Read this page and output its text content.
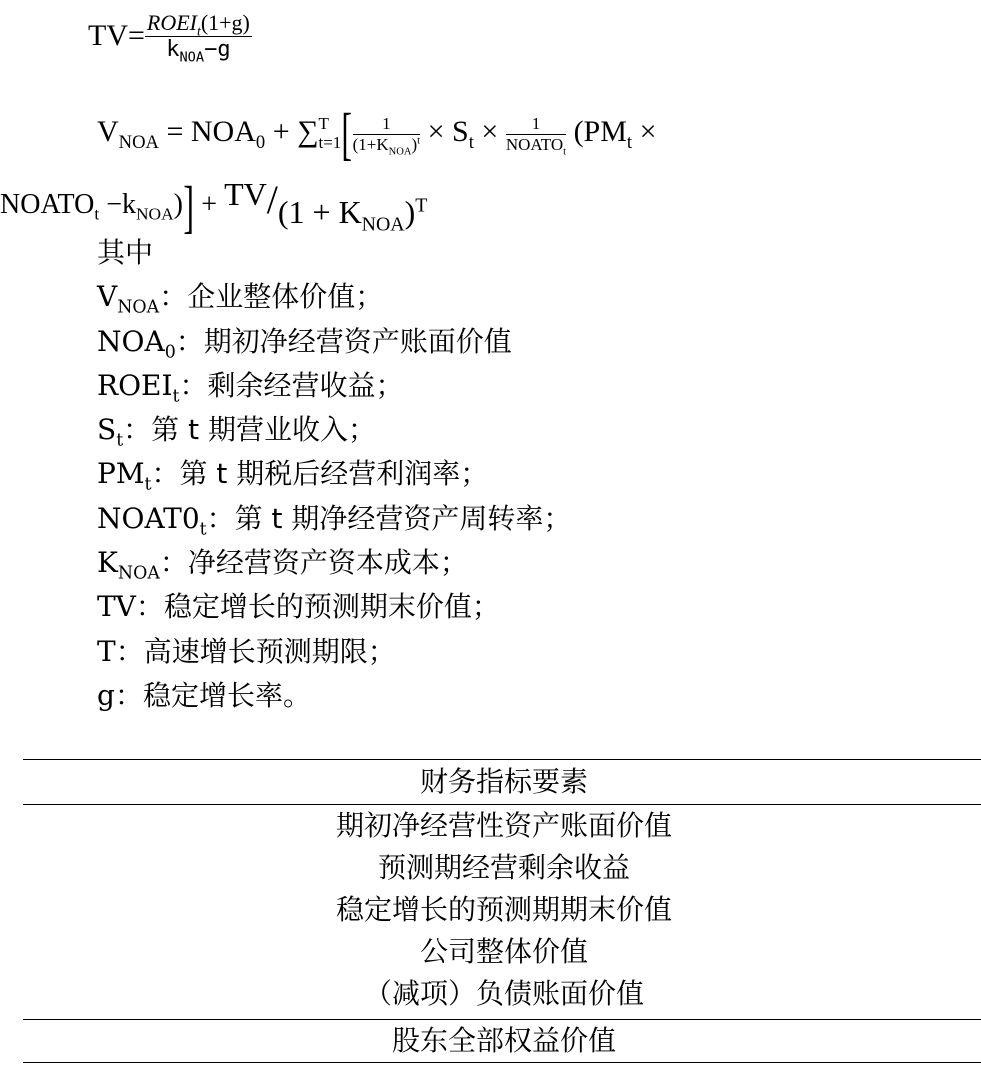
$TV= \frac{ROEI_t(1+g)}{k_{NOA}-g}$
$V_{NOA} = NOA_0$ + ∑ T
t=1 [ $\frac{1}{(1+K_{NOA})^t} \times S_t \times \frac{1}{NOATO_t} (PM_t$ ×
$NOATO_t -k_{NOA})] + TV/(1 + K_{NOA})^T$
其中
$V_{NOA}$：企业整体价值；
$NOA_0$：期初净经营资产账面价值
$ROEI_t$：剩余经营收益；
$S_t$：第 t 期营业收入；
$PM_t$：第 t 期税后经营利润率；
$NOAT0_t$：第 t 期净经营资产周转率；
$K_{NOA}$：净经营资产资本成本；
TV：稳定增长的预测期末价值；
T：高速增长预测期限；
g：稳定增长率。
财务指标要素
期初净经营性资产账面价值
预测期经营剩余收益
稳定增长的预测期期末价值
公司整体价值
（减项）负债账面价值
股东全部权益价值
